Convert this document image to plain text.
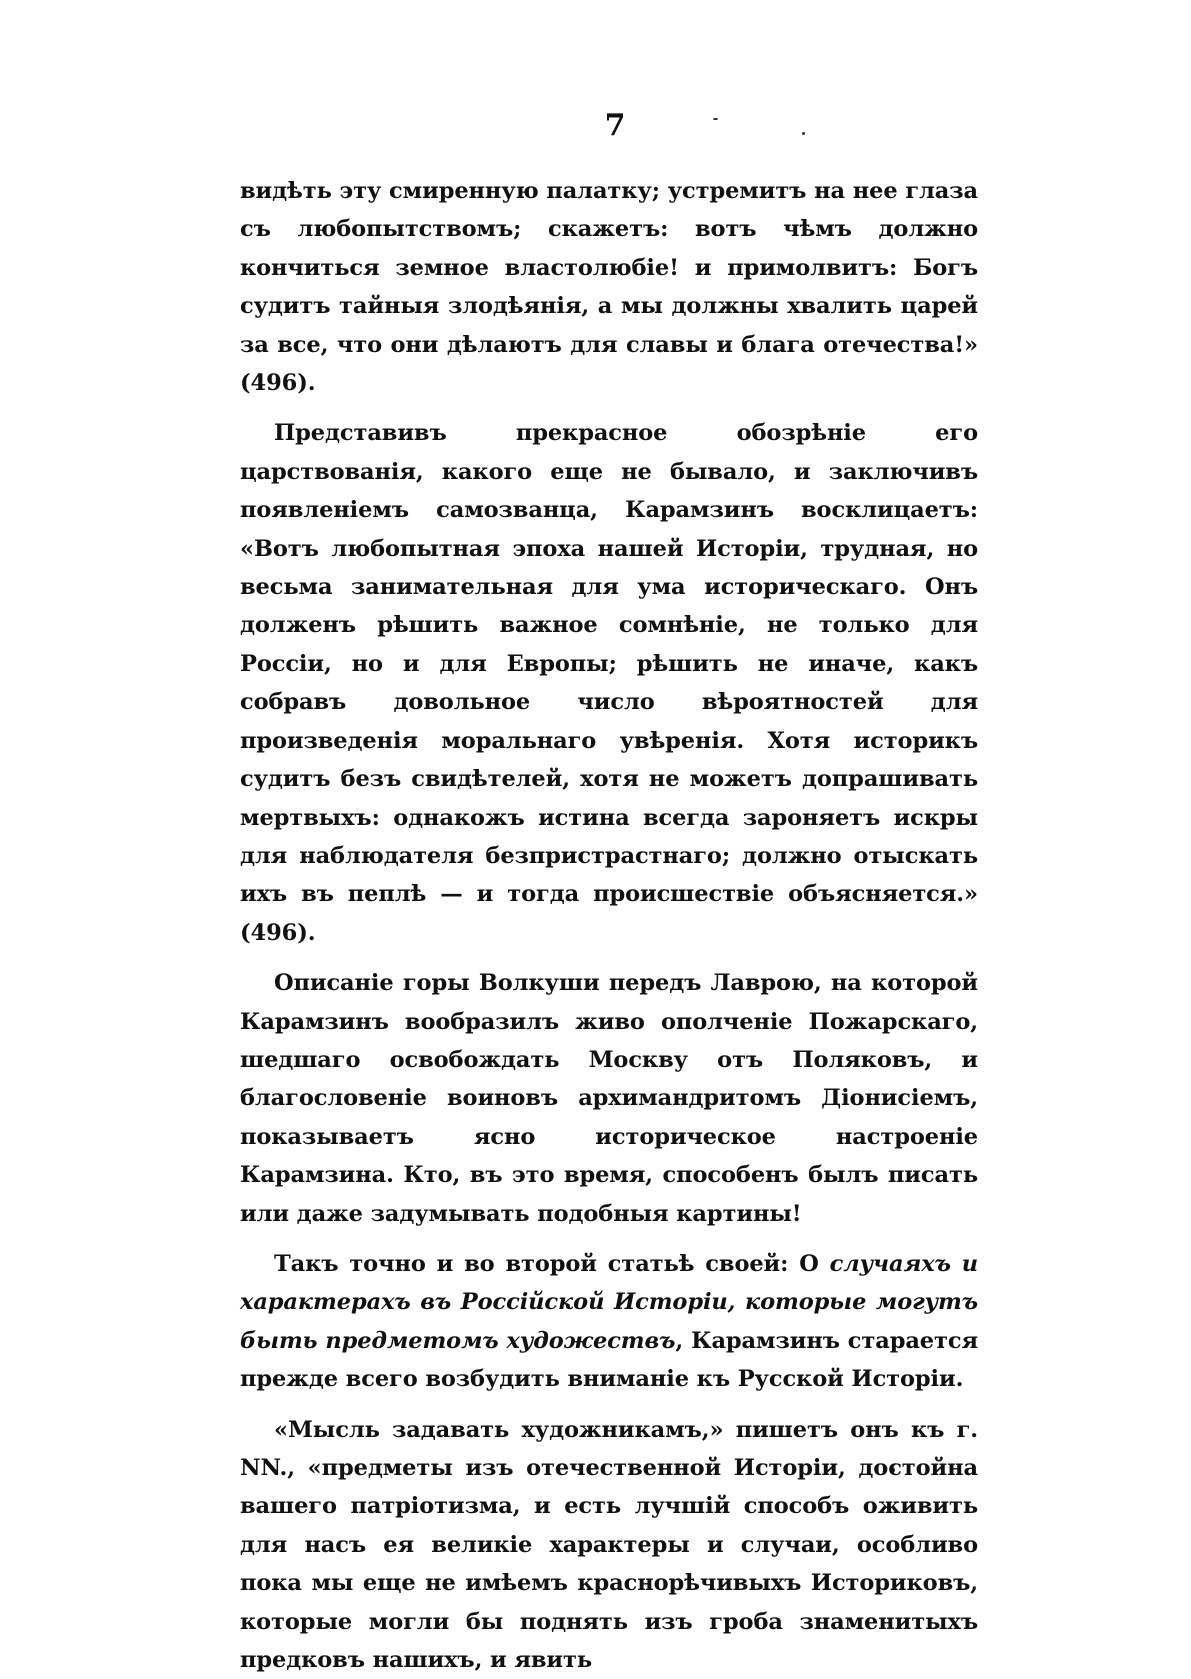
7

видѣть эту смиренную палатку; устремитъ на нее глаза съ любопытствомъ; скажетъ: вотъ чѣмъ должно кончиться земное властолюбіе! и примолвитъ: Богъ судитъ тайныя злодѣянія, а мы должны хвалить царей за все, что они дѣлаютъ для славы и блага отечества!» (496).

Представивъ прекрасное обозрѣніе его царствованія, какого еще не бывало, и заключивъ появленіемъ самозванца, Карамзинъ восклицаетъ: «Вотъ любопытная эпоха нашей Исторіи, трудная, но весьма занимательная для ума историческаго. Онъ долженъ рѣшить важное сомнѣніе, не только для Россіи, но и для Европы; рѣшить не иначе, какъ собравъ довольное число вѣроятностей для произведенія моральнаго увѣренія. Хотя историкъ судитъ безъ свидѣтелей, хотя не можетъ допрашивать мертвыхъ: однакожъ истина всегда зароняетъ искры для наблюдателя безпристрастнаго; должно отыскать ихъ въ пеплѣ — и тогда происшествіе объясняется.» (496).

Описаніе горы Волкуши передъ Лаврою, на которой Карамзинъ вообразилъ живо ополченіе Пожарскаго, шедшаго освобождать Москву отъ Поляковъ, и благословеніе воиновъ архимандритомъ Діонисіемъ, показываетъ ясно историческое настроеніе Карамзина. Кто, въ это время, способенъ былъ писать или даже задумывать подобныя картины!

Такъ точно и во второй статьѣ своей: О случаяхъ и характерахъ въ Россійской Исторіи, которые могутъ быть предметомъ художествъ, Карамзинъ старается прежде всего возбудить вниманіе къ Русской Исторіи.

«Мысль задавать художникамъ,» пишетъ онъ къ г. NN., «предметы изъ отечественной Исторіи, достойна вашего патріотизма, и есть лучшій способъ оживить для насъ ея великіе характеры и случаи, особливо пока мы еще не имѣемъ краснорѣчивыхъ Историковъ, которые могли бы поднять изъ гроба знаменитыхъ предковъ нашихъ, и явить
